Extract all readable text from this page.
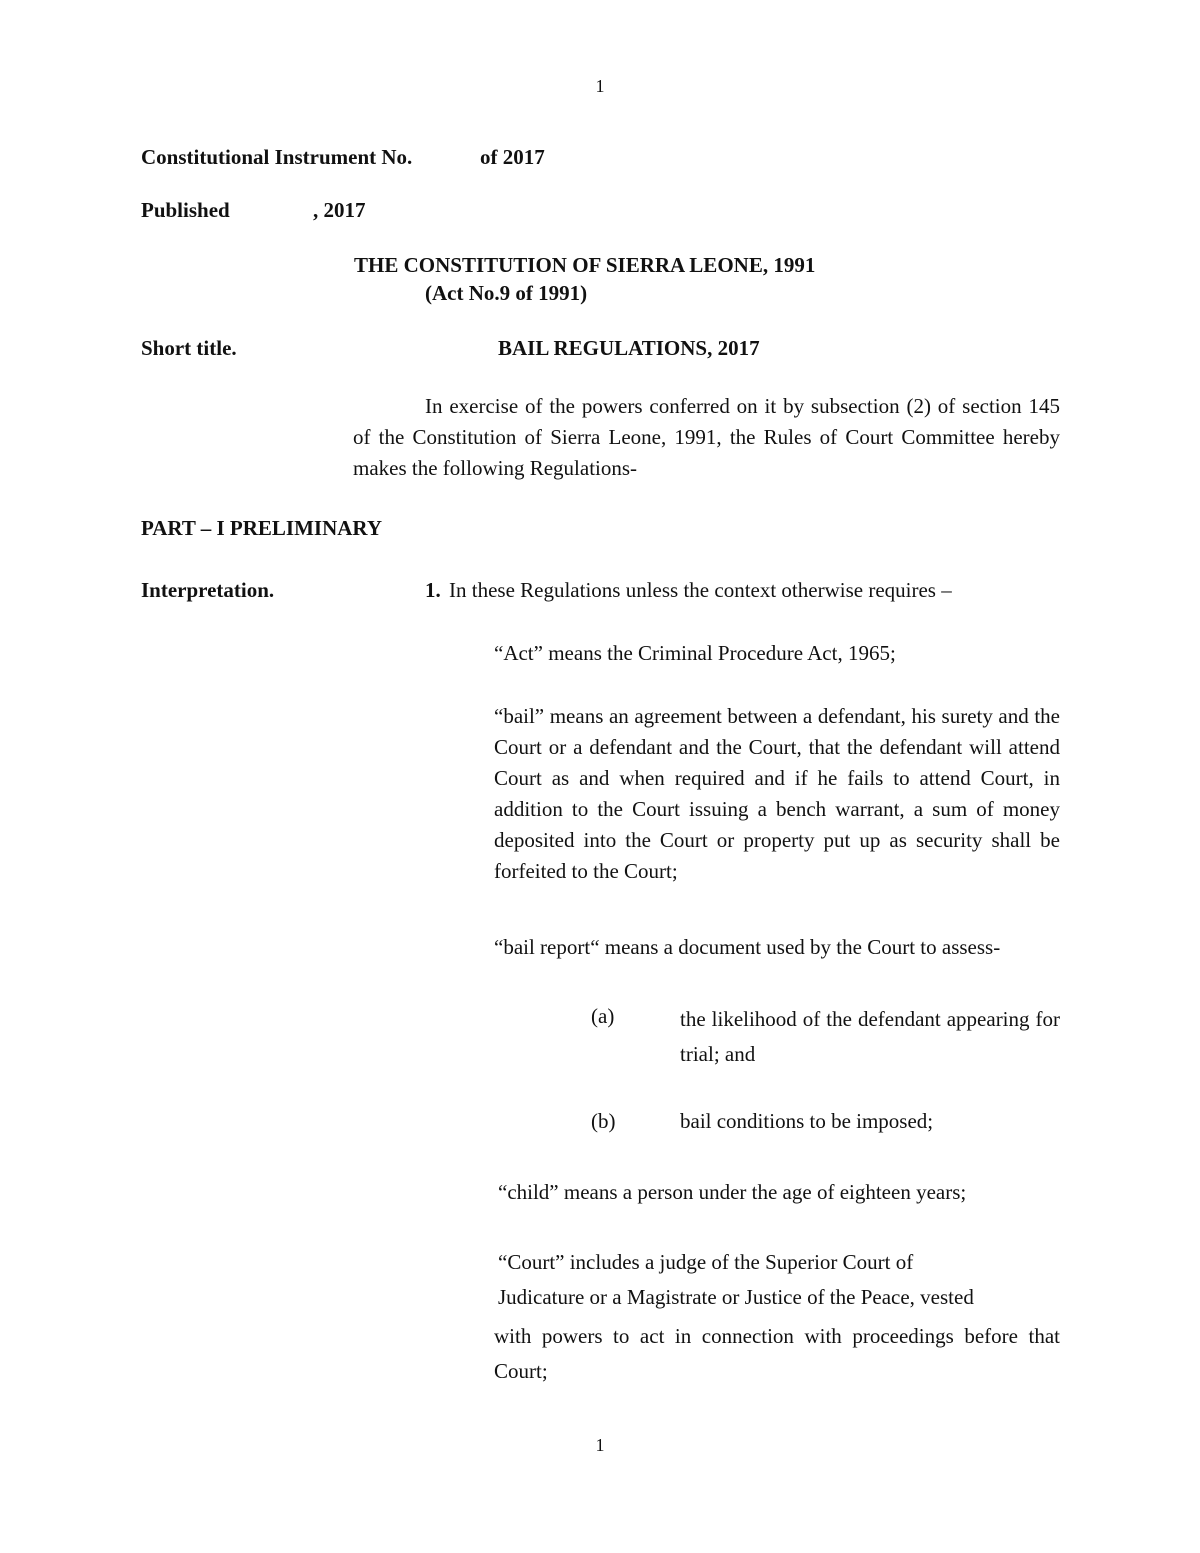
1
Constitutional Instrument No.	of 2017
Published	, 2017
THE CONSTITUTION OF SIERRA LEONE, 1991
(Act No.9 of 1991)
Short title.	BAIL REGULATIONS, 2017
In exercise of the powers conferred on it by subsection (2) of section 145 of the Constitution of Sierra Leone, 1991, the Rules of Court Committee hereby makes the following Regulations-
PART – I PRELIMINARY
Interpretation.	1. In these Regulations unless the context otherwise requires –
“Act” means the Criminal Procedure Act, 1965;
“bail” means an agreement between a defendant, his surety and the Court or a defendant and the Court, that the defendant will attend Court as and when required and if he fails to attend Court, in addition to the Court issuing a bench warrant, a sum of money deposited into the Court or property put up as security shall be forfeited to the Court;
“bail report“ means a document used by the Court to assess-
(a)	the likelihood of the defendant appearing for trial; and
(b)	bail conditions to be imposed;
“child” means a person under the age of eighteen years;
“Court” includes a judge of the Superior Court of
Judicature or a Magistrate or Justice of the Peace, vested
with powers to act in connection with proceedings before that Court;
1
